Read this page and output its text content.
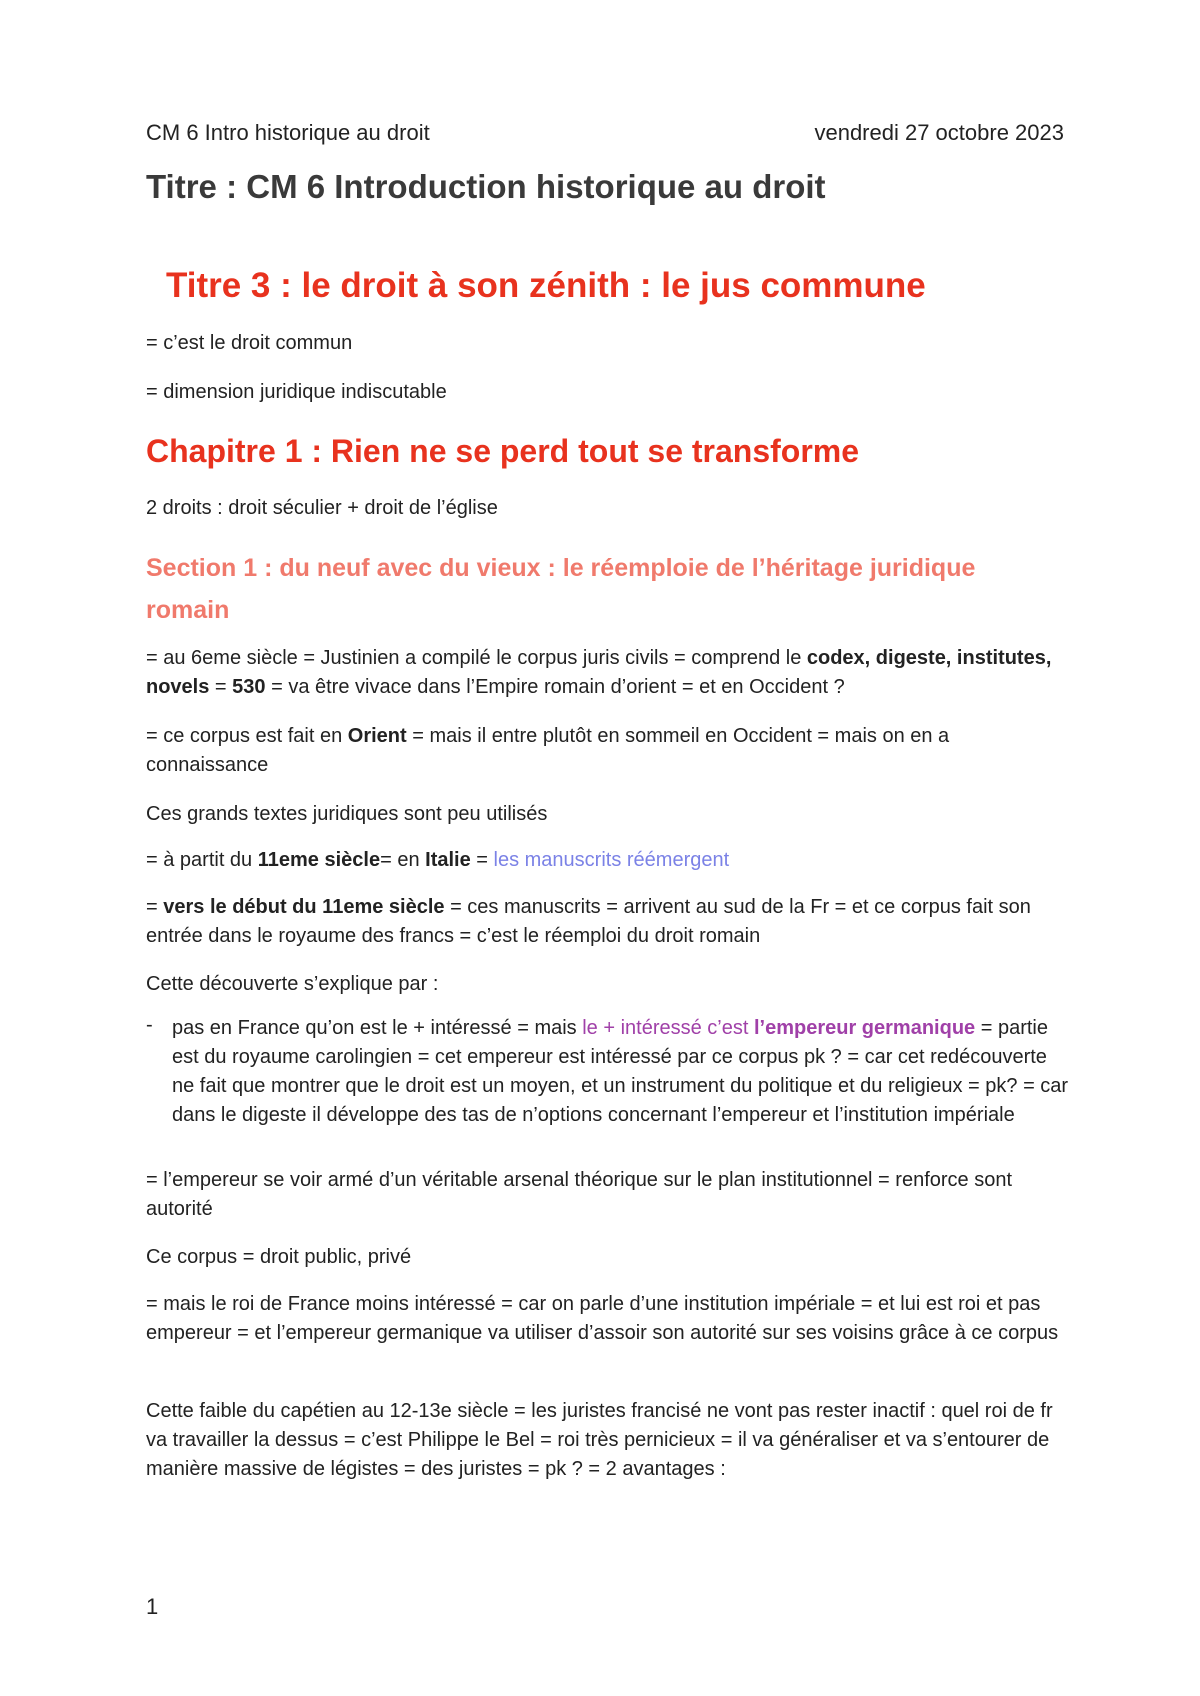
CM 6 Intro historique au droit	vendredi 27 octobre 2023
Titre : CM 6 Introduction historique au droit
Titre 3 : le droit à son zénith : le jus commune

= c’est le droit commun

= dimension juridique indiscutable

Chapitre 1 : Rien ne se perd tout se transforme

2 droits : droit séculier + droit de l’église

Section 1 : du neuf avec du vieux : le réemploie de l’héritage juridique romain

= au 6eme siècle = Justinien a compilé le corpus juris civils = comprend le codex, digeste, institutes, novels = 530 = va être vivace dans l’Empire romain d’orient = et en Occident ?

= ce corpus est fait en Orient = mais il entre plutôt en sommeil en Occident = mais on en a connaissance

Ces grands textes juridiques sont peu utilisés

= à partit du 11eme siècle= en Italie = les manuscrits réémergent

= vers le début du 11eme siècle = ces manuscrits = arrivent au sud de la Fr = et ce corpus fait son entrée dans le royaume des francs = c’est le réemploi du droit romain

Cette découverte s’explique par :

- pas en France qu’on est le + intéressé = mais le + intéressé c’est l’empereur germanique = partie est du royaume carolingien = cet empereur est intéressé par ce corpus pk ? = car cet redécouverte ne fait que montrer que le droit est un moyen, et un instrument du politique et du religieux = pk? = car dans le digeste il développe des tas de n’options concernant l’empereur et l’institution impériale

= l’empereur se voir armé d’un véritable arsenal théorique sur le plan institutionnel = renforce sont autorité

Ce corpus = droit public, privé

= mais le roi de France moins intéressé = car on parle d’une institution impériale = et lui est roi et pas empereur = et l’empereur germanique va utiliser d’assoir son autorité sur ses voisins grâce à ce corpus

Cette faible du capétien au 12-13e siècle = les juristes francisé ne vont pas rester inactif : quel roi de fr va travailler la dessus = c’est Philippe le Bel = roi très pernicieux = il va généraliser et va s’entourer de manière massive de légistes = des juristes = pk ? = 2 avantages :

1
